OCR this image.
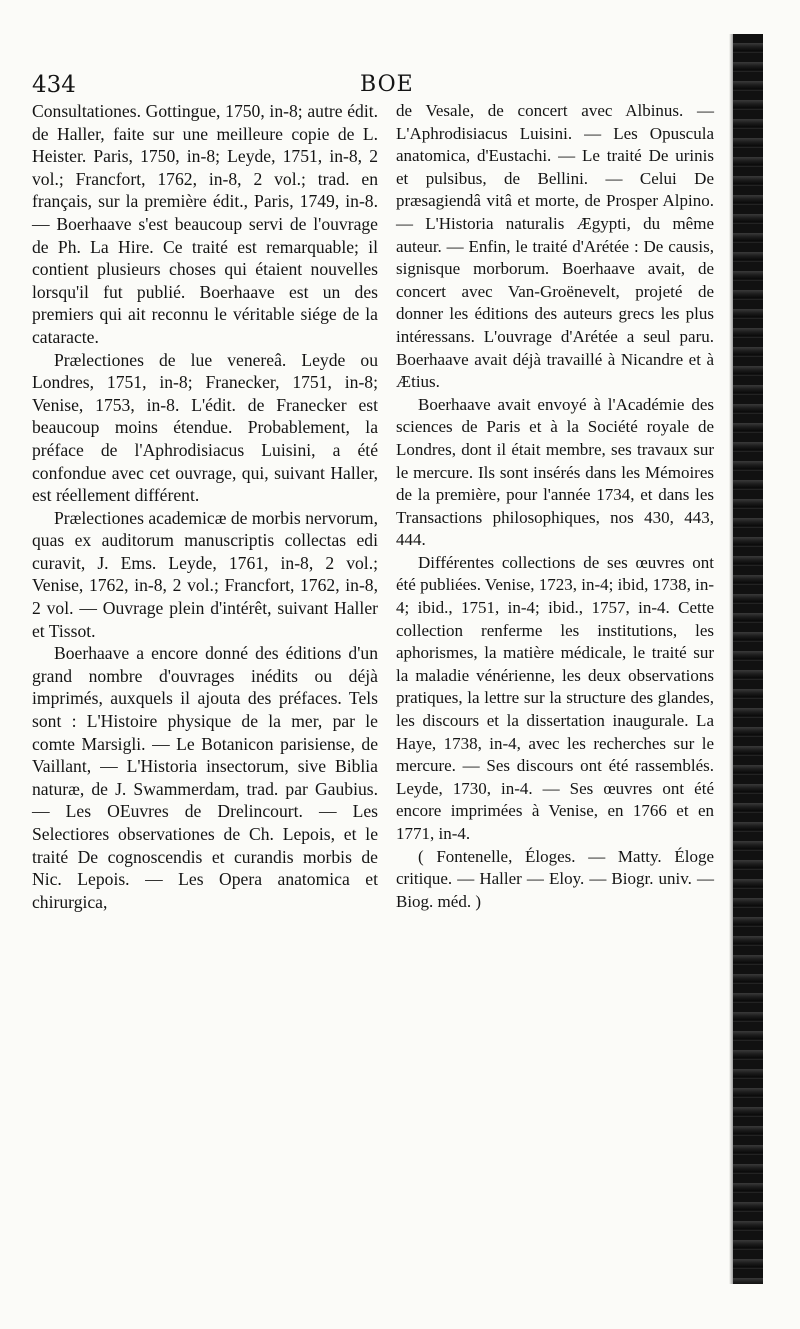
434	BOE

Consultationes. Gottingue, 1750, in-8; autre édit. de Haller, faite sur une meilleure copie de L. Heister. Paris, 1750, in-8; Leyde, 1751, in-8, 2 vol.; Francfort, 1762, in-8, 2 vol.; trad. en français, sur la première édit., Paris, 1749, in-8. — Boerhaave s'est beaucoup servi de l'ouvrage de Ph. La Hire. Ce traité est remarquable; il contient plusieurs choses qui étaient nouvelles lorsqu'il fut publié. Boerhaave est un des premiers qui ait reconnu le véritable siége de la cataracte.

Prælectiones de lue venereâ. Leyde ou Londres, 1751, in-8; Franecker, 1751, in-8; Venise, 1753, in-8. L'édit. de Franecker est beaucoup moins étendue. Probablement, la préface de l'Aphrodisiacus Luisini, a été confondue avec cet ouvrage, qui, suivant Haller, est réellement différent.

Prælectiones academicæ de morbis nervorum, quas ex auditorum manuscriptis collectas edi curavit, J. Ems. Leyde, 1761, in-8, 2 vol.; Venise, 1762, in-8, 2 vol.; Francfort, 1762, in-8, 2 vol. — Ouvrage plein d'intérêt, suivant Haller et Tissot.

Boerhaave a encore donné des éditions d'un grand nombre d'ouvrages inédits ou déjà imprimés, auxquels il ajouta des préfaces. Tels sont : L'Histoire physique de la mer, par le comte Marsigli. — Le Botanicon parisiense, de Vaillant, — L'Historia insectorum, sive Biblia naturæ, de J. Swammerdam, trad. par Gaubius. — Les OEuvres de Drelincourt. — Les Selectiores observationes de Ch. Lepois, et le traité De cognoscendis et curandis morbis de Nic. Lepois. — Les Opera anatomica et chirurgica,

de Vesale, de concert avec Albinus. — L'Aphrodisiacus Luisini. — Les Opuscula anatomica, d'Eustachi. — Le traité De urinis et pulsibus, de Bellini. — Celui De præsagiendâ vitâ et morte, de Prosper Alpino. — L'Historia naturalis Ægypti, du même auteur. — Enfin, le traité d'Arétée : De causis, signisque morborum. Boerhaave avait, de concert avec Van-Groënevelt, projeté de donner les éditions des auteurs grecs les plus intéressans. L'ouvrage d'Arétée a seul paru. Boerhaave avait déjà travaillé à Nicandre et à Ætius.

Boerhaave avait envoyé à l'Académie des sciences de Paris et à la Société royale de Londres, dont il était membre, ses travaux sur le mercure. Ils sont insérés dans les Mémoires de la première, pour l'année 1734, et dans les Transactions philosophiques, nos 430, 443, 444.

Différentes collections de ses œuvres ont été publiées. Venise, 1723, in-4; ibid, 1738, in-4; ibid., 1751, in-4; ibid., 1757, in-4. Cette collection renferme les institutions, les aphorismes, la matière médicale, le traité sur la maladie vénérienne, les deux observations pratiques, la lettre sur la structure des glandes, les discours et la dissertation inaugurale. La Haye, 1738, in-4, avec les recherches sur le mercure. — Ses discours ont été rassemblés. Leyde, 1730, in-4. — Ses œuvres ont été encore imprimées à Venise, en 1766 et en 1771, in-4.

( Fontenelle, Éloges. — Matty. Éloge critique. — Haller — Eloy. — Biogr. univ. — Biog. méd. )
